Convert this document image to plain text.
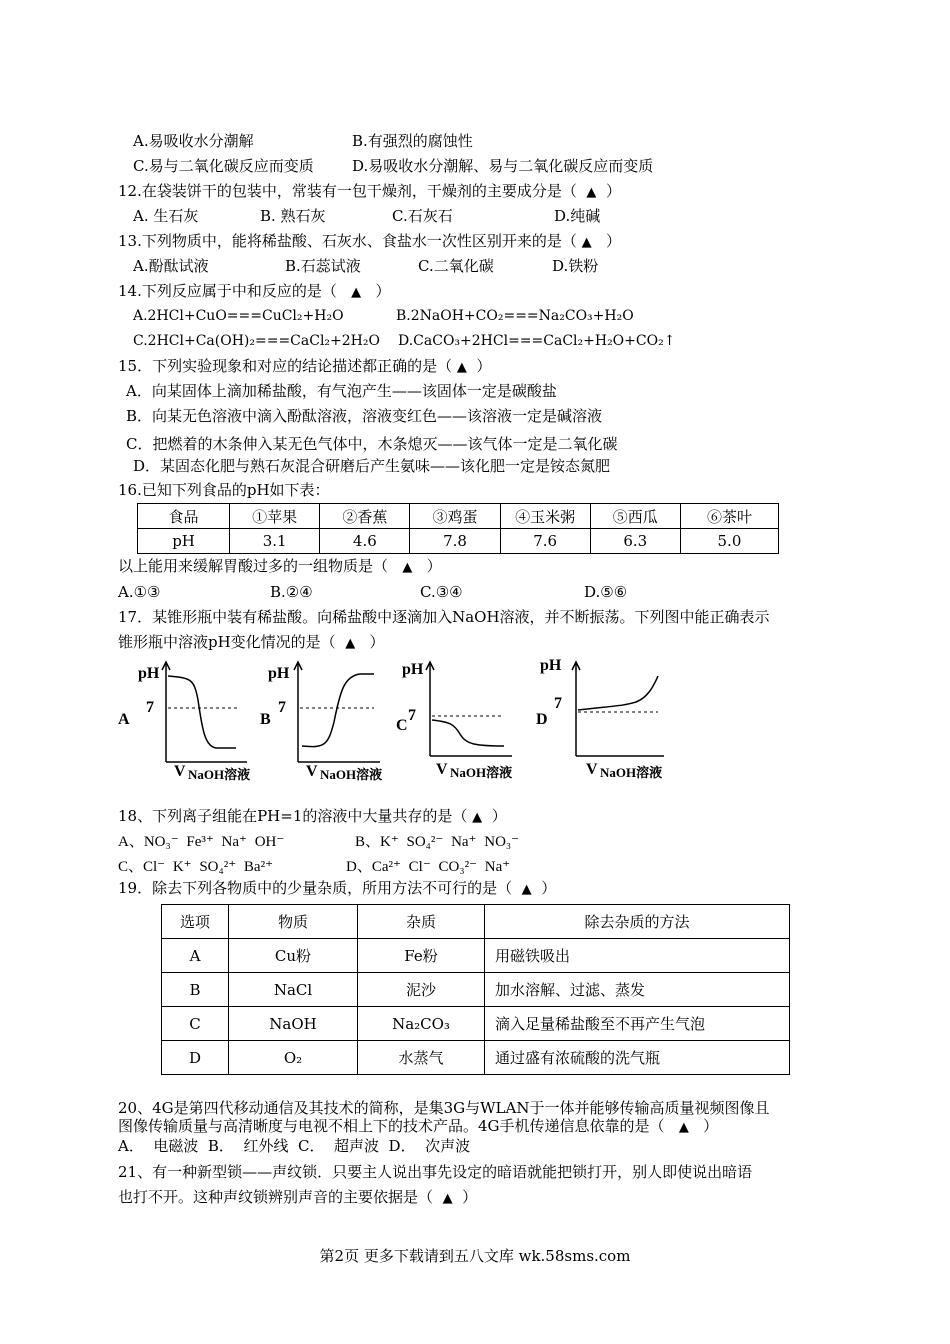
A.易吸收水分潮解	B.有强烈的腐蚀性
C.易与二氧化碳反应而变质	D.易吸收水分潮解、易与二氧化碳反应而变质
12.在袋装饼干的包装中，常装有一包干燥剂，干燥剂的主要成分是（ ▲ ）
A. 生石灰	B. 熟石灰	C.石灰石	D.纯碱
13.下列物质中，能将稀盐酸、石灰水、食盐水一次性区别开来的是（ ▲ ）
A.酚酞试液	B.石蕊试液	C.二氧化碳	D.铁粉
14.下列反应属于中和反应的是（ ▲ ）
A.2HCl+CuO===CuCl₂+H₂O	B.2NaOH+CO₂===Na₂CO₃+H₂O
C.2HCl+Ca(OH)₂===CaCl₂+2H₂O D.CaCO₃+2HCl===CaCl₂+H₂O+CO₂↑
15．下列实验现象和对应的结论描述都正确的是（ ▲ ）
A．向某固体上滴加稀盐酸，有气泡产生——该固体一定是碳酸盐
B．向某无色溶液中滴入酚酞溶液，溶液变红色——该溶液一定是碱溶液
C．把燃着的木条伸入某无色气体中，木条熄灭——该气体一定是二氧化碳
D．某固态化肥与熟石灰混合研磨后产生氨味——该化肥一定是铵态氮肥
16.已知下列食品的pH如下表：
食品	①苹果	②香蕉	③鸡蛋	④玉米粥	⑤西瓜	⑥茶叶
pH	3.1	4.6	7.8	7.6	6.3	5.0
以上能用来缓解胃酸过多的一组物质是（ ▲ ）
A.①③	B.②④	C.③④	D.⑤⑥
17．某锥形瓶中装有稀盐酸。向稀盐酸中逐滴加入NaOH溶液，并不断振荡。下列图中能正确表示
锥形瓶中溶液pH变化情况的是（ ▲ ）
pH
7
A
V NaOH溶液
pH
7
B
V NaOH溶液
pH
7
C
V NaOH溶液
pH
7
D
V NaOH溶液
18、下列离子组能在PH=1的溶液中大量共存的是（ ▲ ）
A、NO₃⁻ Fe³⁺ Na⁺ OH⁻	B、K⁺ SO₄²⁻ Na⁺ NO₃⁻
C、Cl⁻ K⁺ SO₄²⁺ Ba²⁺	D、Ca²⁺ Cl⁻ CO₃²⁻ Na⁺
19．除去下列各物质中的少量杂质，所用方法不可行的是（ ▲ ）
选项	物质	杂质	除去杂质的方法
A	Cu粉	Fe粉	用磁铁吸出
B	NaCl	泥沙	加水溶解、过滤、蒸发
C	NaOH	Na₂CO₃	滴入足量稀盐酸至不再产生气泡
D	O₂	水蒸气	通过盛有浓硫酸的洗气瓶
20、4G是第四代移动通信及其技术的简称，是集3G与WLAN于一体并能够传输高质量视频图像且
图像传输质量与高清晰度与电视不相上下的技术产品。4G手机传递信息依靠的是（ ▲ ）
A．  电磁波  B．  红外线  C．  超声波  D．  次声波
21、有一种新型锁——声纹锁．只要主人说出事先设定的暗语就能把锁打开，别人即使说出暗语
也打不开。这种声纹锁辨别声音的主要依据是（ ▲ ）
第2页 更多下载请到五八文库 wk.58sms.com
